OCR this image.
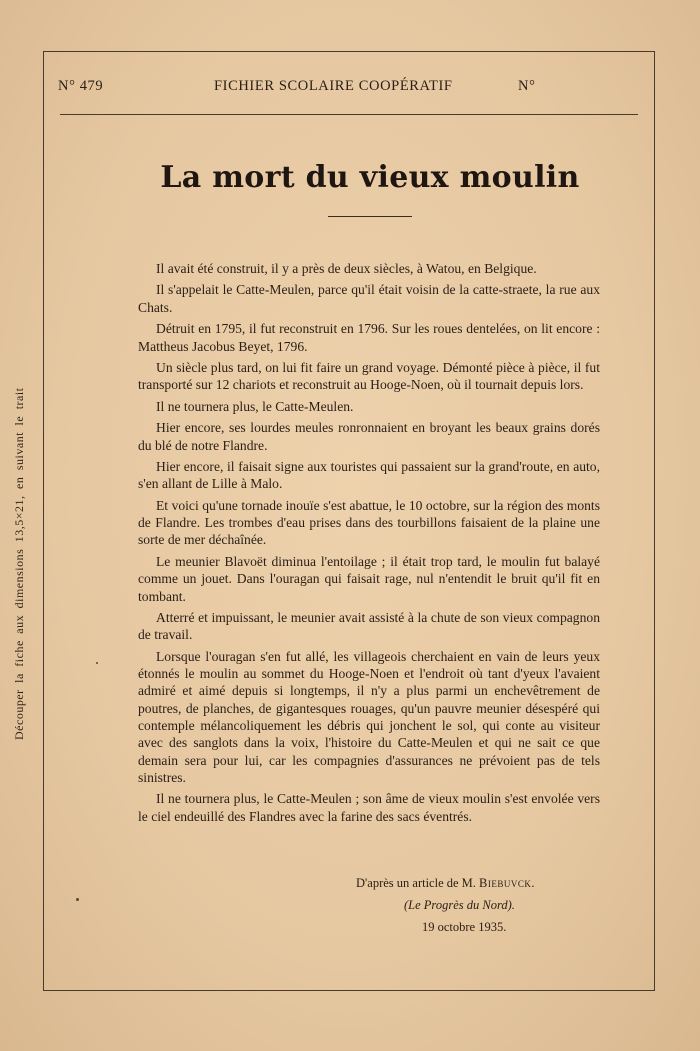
Découper la fiche aux dimensions 13,5×21, en suivant le trait
N° 479	FICHIER SCOLAIRE COOPÉRATIF	N°
La mort du vieux moulin

Il avait été construit, il y a près de deux siècles, à Watou, en Belgique.

Il s'appelait le Catte-Meulen, parce qu'il était voisin de la catte-straete, la rue aux Chats.

Détruit en 1795, il fut reconstruit en 1796. Sur les roues dentelées, on lit encore : Mattheus Jacobus Beyet, 1796.

Un siècle plus tard, on lui fit faire un grand voyage. Démonté pièce à pièce, il fut transporté sur 12 chariots et reconstruit au Hooge-Noen, où il tournait depuis lors.

Il ne tournera plus, le Catte-Meulen.

Hier encore, ses lourdes meules ronronnaient en broyant les beaux grains dorés du blé de notre Flandre.

Hier encore, il faisait signe aux touristes qui passaient sur la grand'route, en auto, s'en allant de Lille à Malo.

Et voici qu'une tornade inouïe s'est abattue, le 10 octobre, sur la région des monts de Flandre. Les trombes d'eau prises dans des tourbillons faisaient de la plaine une sorte de mer déchaînée.

Le meunier Blavoët diminua l'entoilage ; il était trop tard, le moulin fut balayé comme un jouet. Dans l'ouragan qui faisait rage, nul n'entendit le bruit qu'il fit en tombant.

Atterré et impuissant, le meunier avait assisté à la chute de son vieux compagnon de travail.

Lorsque l'ouragan s'en fut allé, les villageois cherchaient en vain de leurs yeux étonnés le moulin au sommet du Hooge-Noen et l'endroit où tant d'yeux l'avaient admiré et aimé depuis si longtemps, il n'y a plus parmi un enchevêtrement de poutres, de planches, de gigantesques rouages, qu'un pauvre meunier désespéré qui contemple mélancoliquement les débris qui jonchent le sol, qui conte au visiteur avec des sanglots dans la voix, l'histoire du Catte-Meulen et qui ne sait ce que demain sera pour lui, car les compagnies d'assurances ne prévoient pas de tels sinistres.

Il ne tournera plus, le Catte-Meulen ; son âme de vieux moulin s'est envolée vers le ciel endeuillé des Flandres avec la farine des sacs éventrés.

D'après un article de M. Biebuvck.
(Le Progrès du Nord).
19 octobre 1935.
